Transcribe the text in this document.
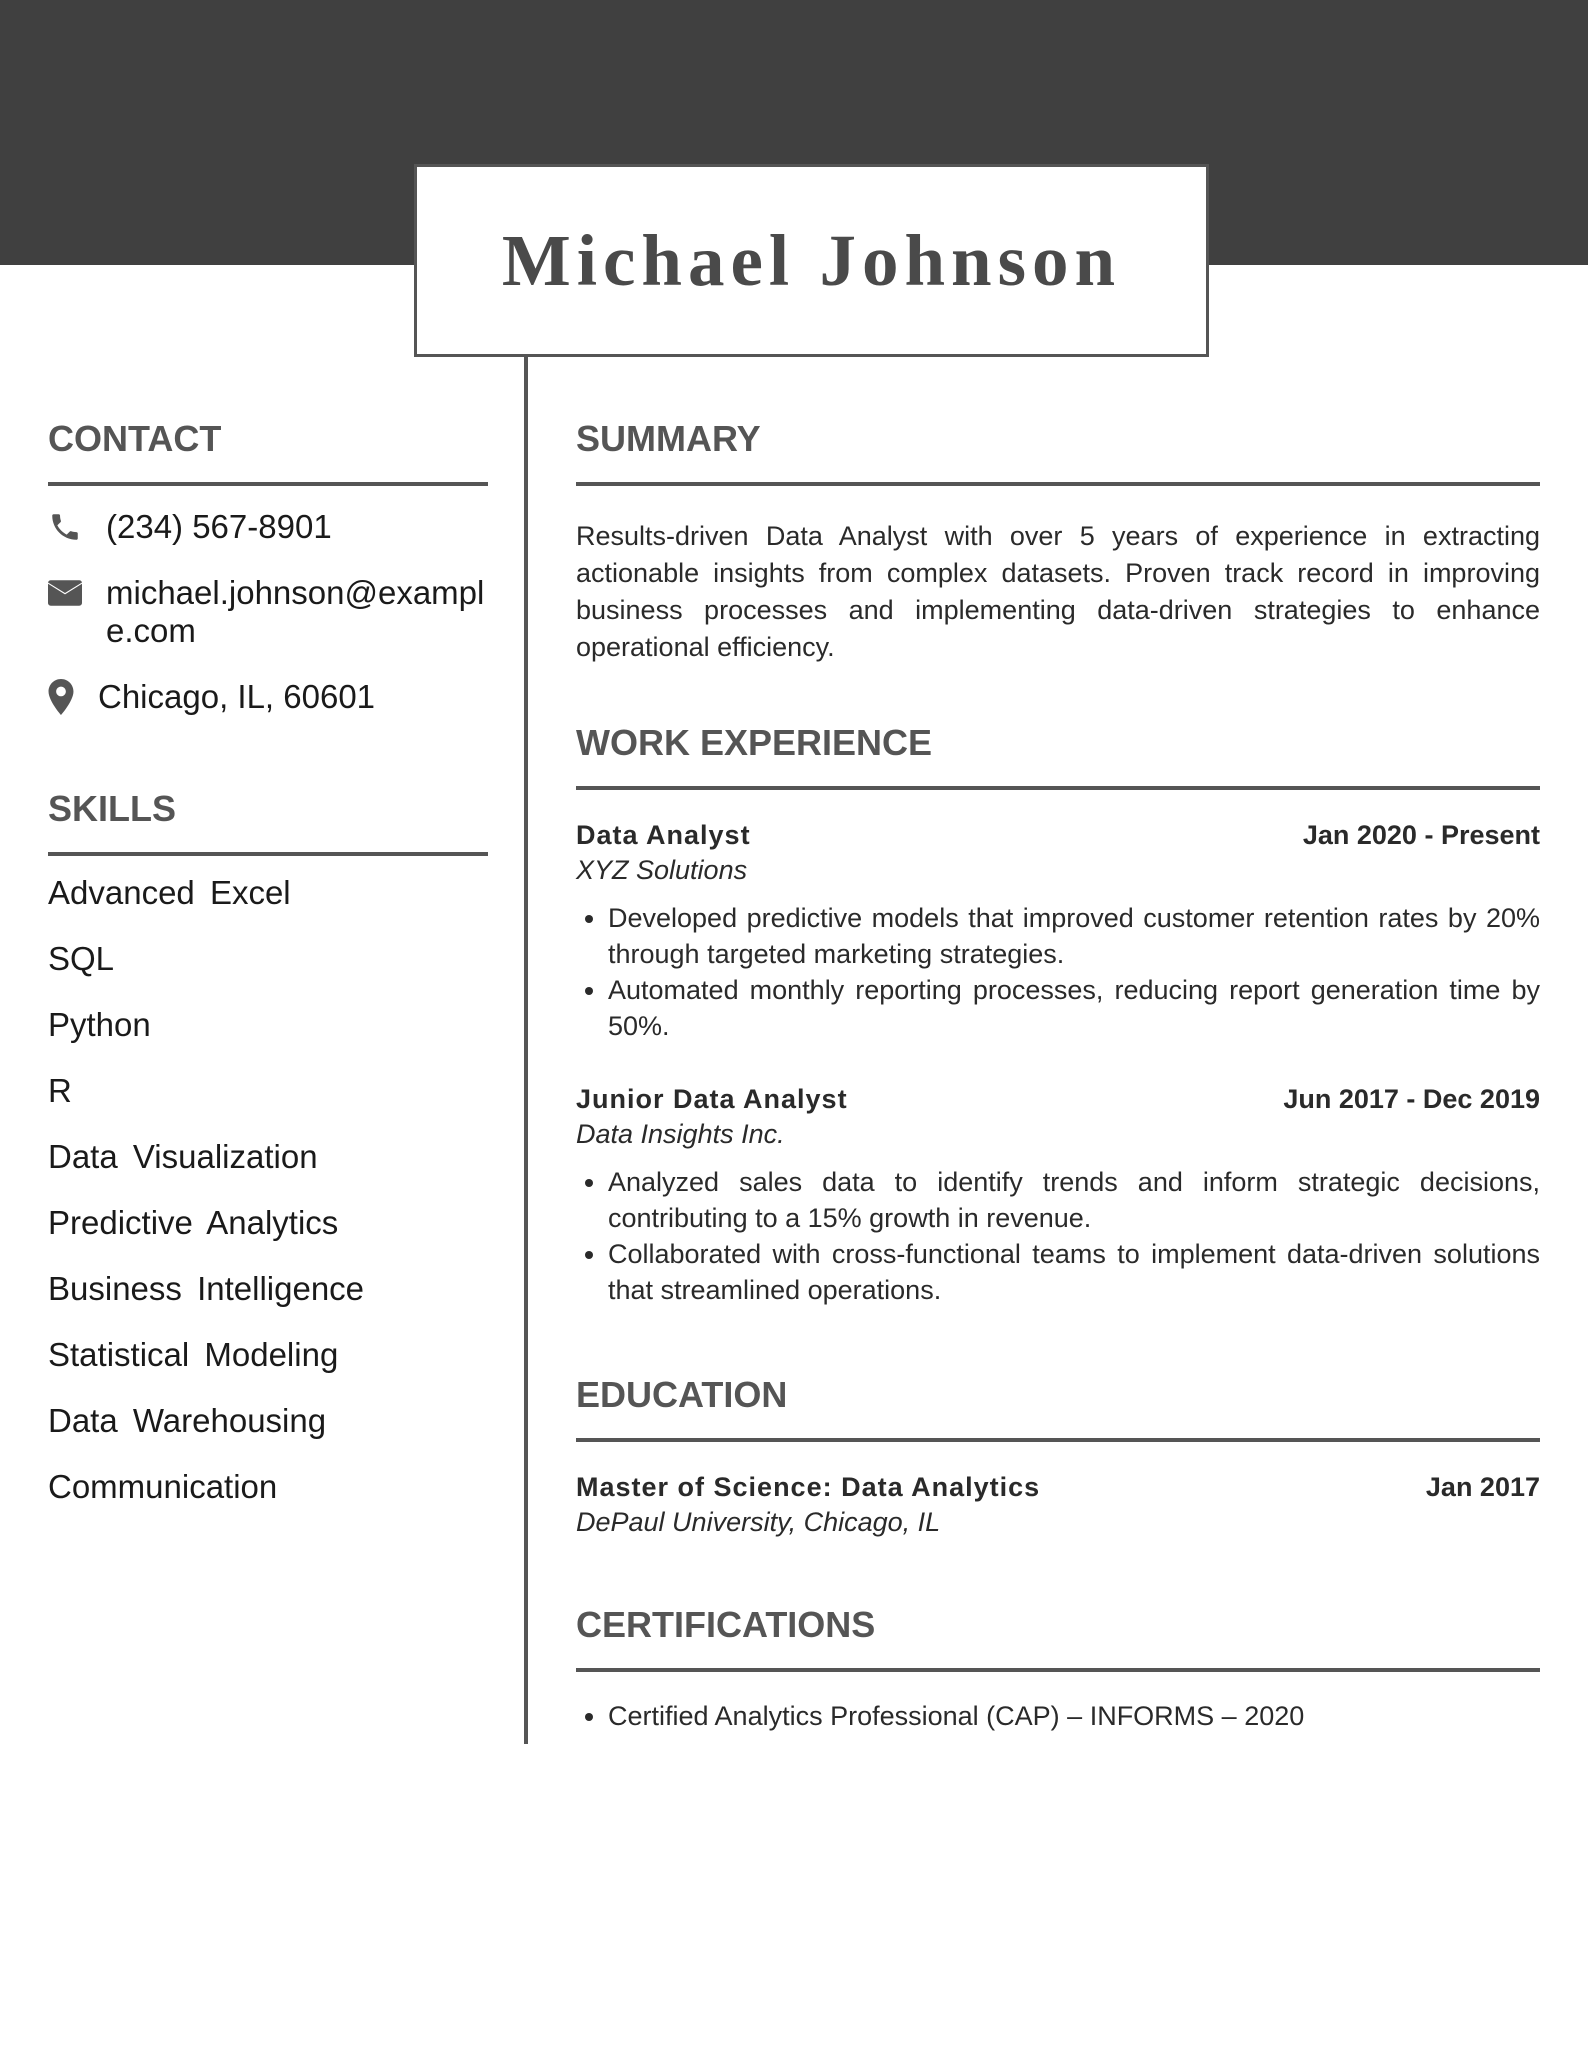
Michael Johnson
CONTACT
(234) 567-8901
michael.johnson@example.com
Chicago, IL, 60601
SKILLS
Advanced Excel
SQL
Python
R
Data Visualization
Predictive Analytics
Business Intelligence
Statistical Modeling
Data Warehousing
Communication
SUMMARY

Results-driven Data Analyst with over 5 years of experience in extracting actionable insights from complex datasets. Proven track record in improving business processes and implementing data-driven strategies to enhance operational efficiency.

WORK EXPERIENCE
Data Analyst	Jan 2020 - Present
XYZ Solutions
• Developed predictive models that improved customer retention rates by 20% through targeted marketing strategies.
• Automated monthly reporting processes, reducing report generation time by 50%.
Junior Data Analyst	Jun 2017 - Dec 2019
Data Insights Inc.
• Analyzed sales data to identify trends and inform strategic decisions, contributing to a 15% growth in revenue.
• Collaborated with cross-functional teams to implement data-driven solutions that streamlined operations.
EDUCATION
Master of Science: Data Analytics	Jan 2017
DePaul University, Chicago, IL
CERTIFICATIONS
• Certified Analytics Professional (CAP) – INFORMS – 2020
